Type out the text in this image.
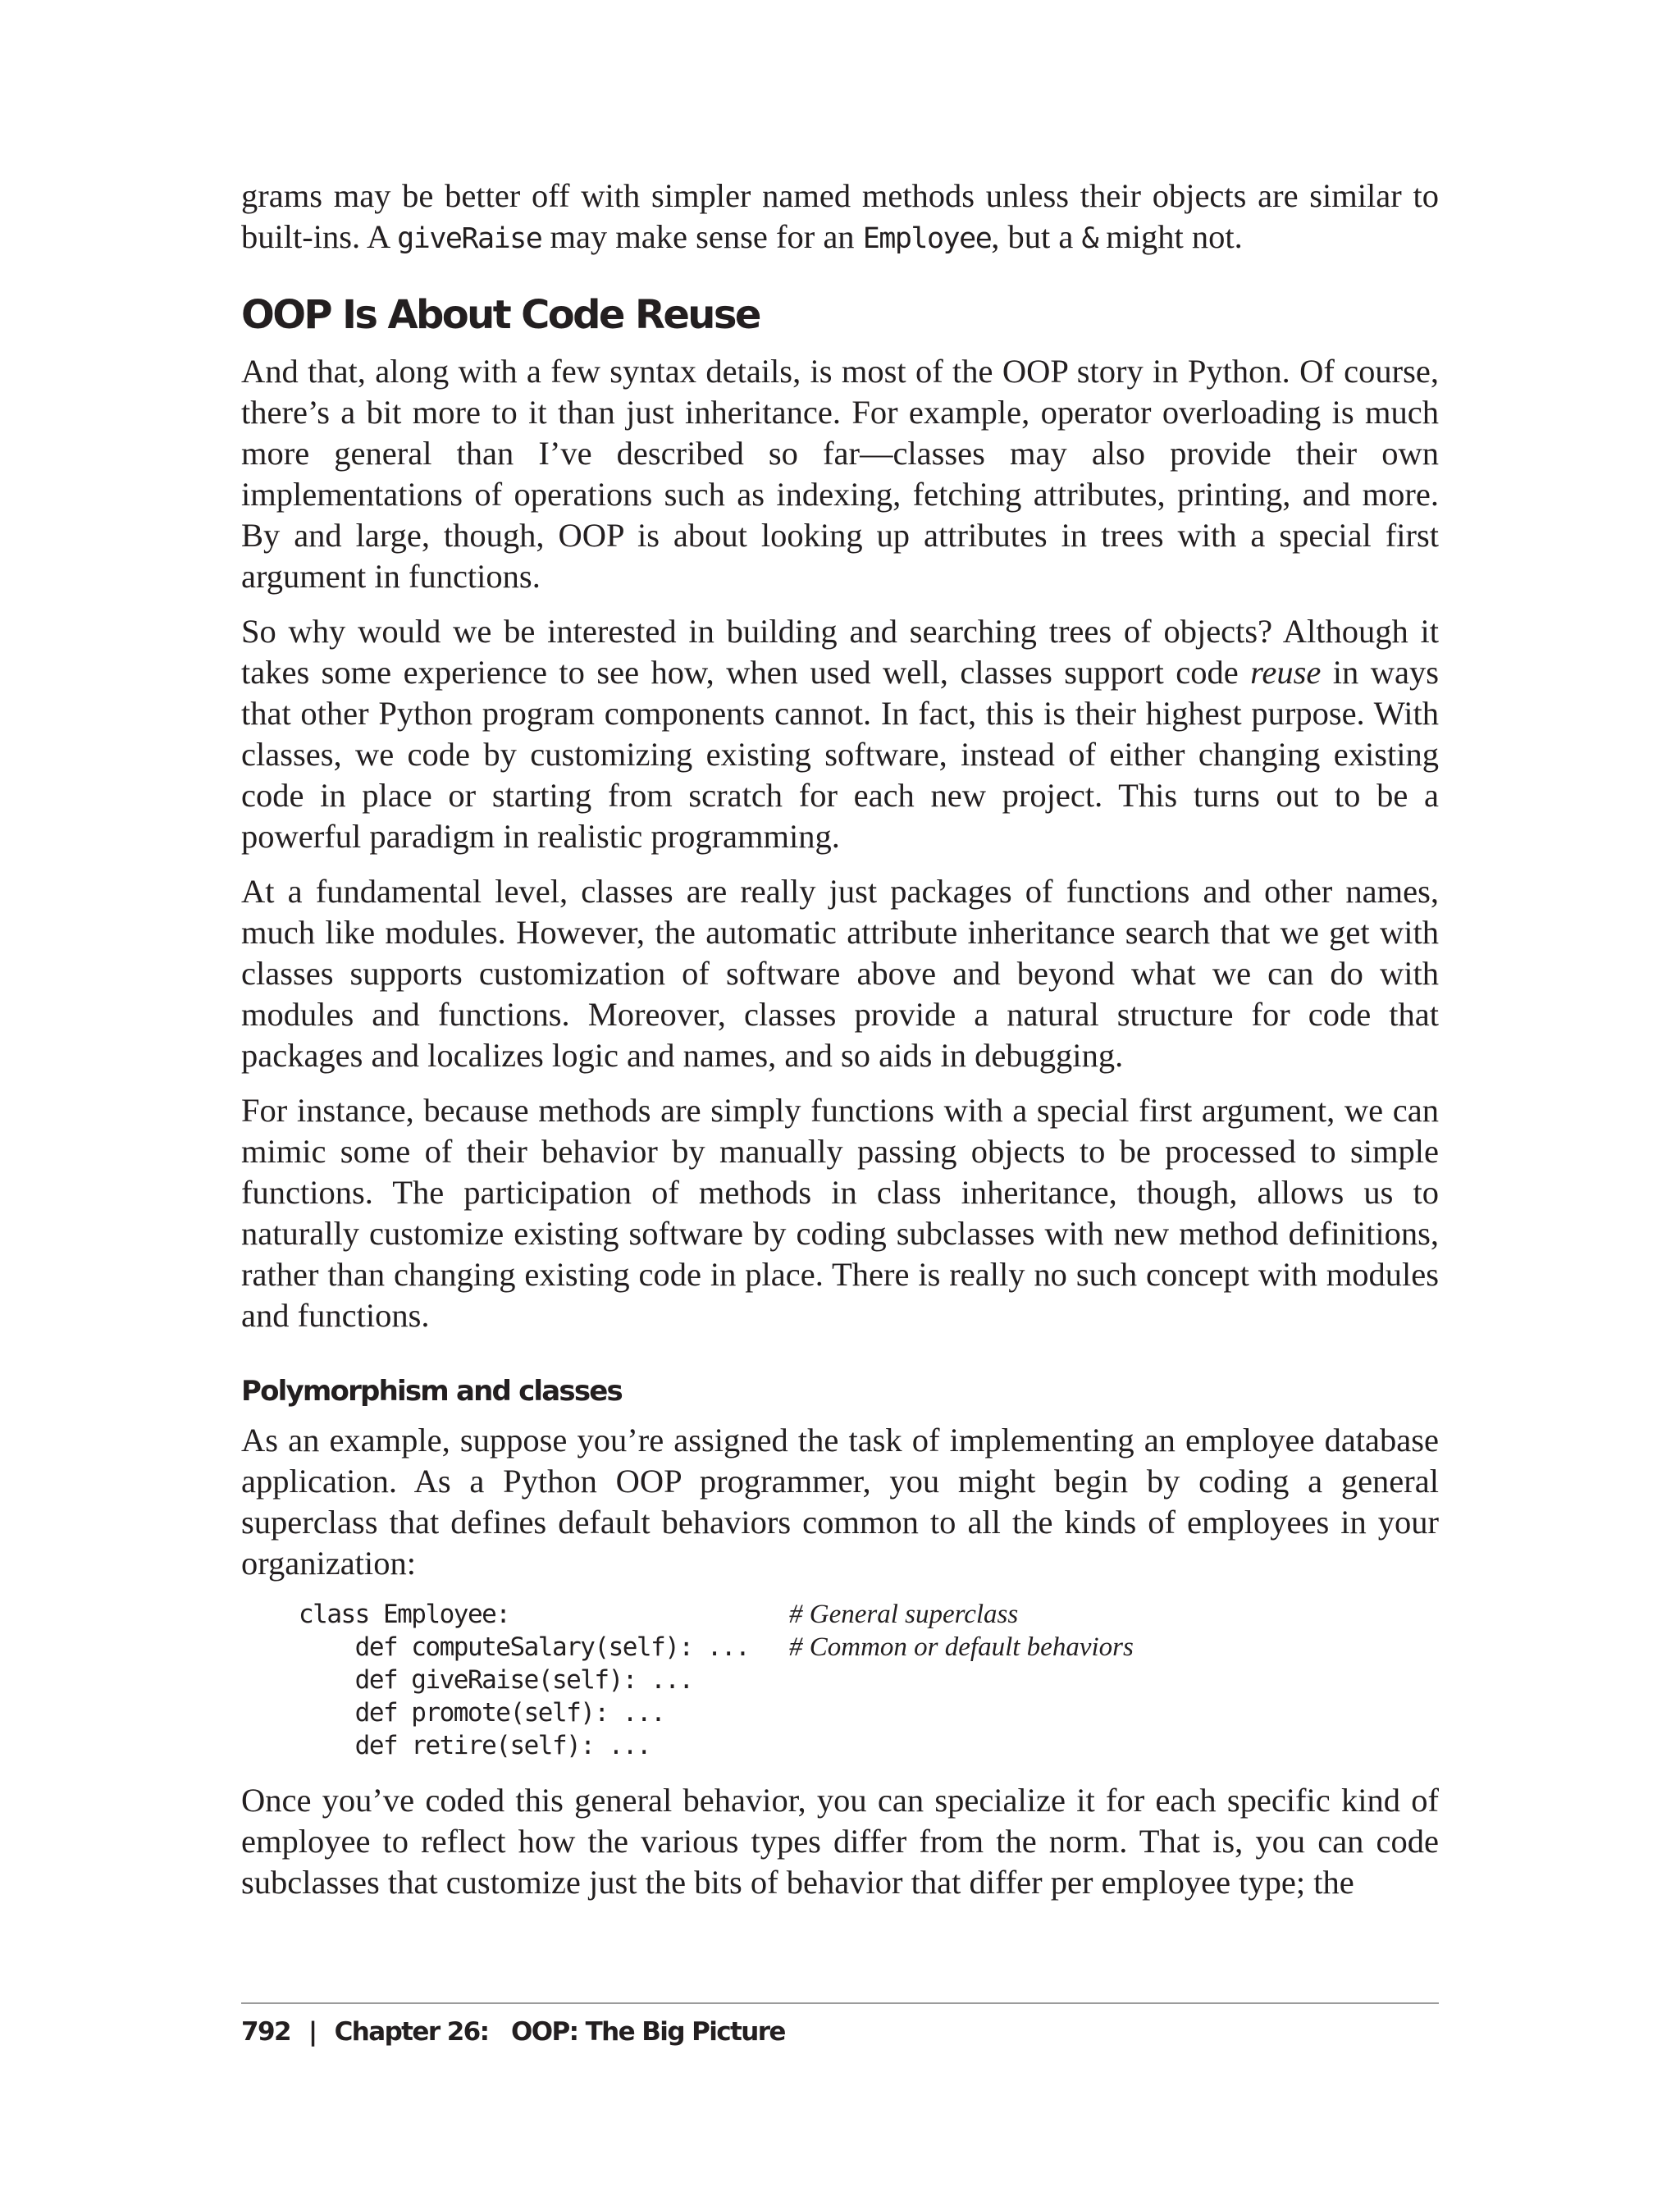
grams may be better off with simpler named methods unless their objects are similar to built-ins. A giveRaise may make sense for an Employee, but a & might not.

OOP Is About Code Reuse

And that, along with a few syntax details, is most of the OOP story in Python. Of course, there’s a bit more to it than just inheritance. For example, operator overloading is much more general than I’ve described so far—classes may also provide their own implementations of operations such as indexing, fetching attributes, printing, and more. By and large, though, OOP is about looking up attributes in trees with a special first argument in functions.

So why would we be interested in building and searching trees of objects? Although it takes some experience to see how, when used well, classes support code reuse in ways that other Python program components cannot. In fact, this is their highest purpose. With classes, we code by customizing existing software, instead of either changing existing code in place or starting from scratch for each new project. This turns out to be a powerful paradigm in realistic programming.

At a fundamental level, classes are really just packages of functions and other names, much like modules. However, the automatic attribute inheritance search that we get with classes supports customization of software above and beyond what we can do with modules and functions. Moreover, classes provide a natural structure for code that packages and localizes logic and names, and so aids in debugging.

For instance, because methods are simply functions with a special first argument, we can mimic some of their behavior by manually passing objects to be processed to simple functions. The participation of methods in class inheritance, though, allows us to naturally customize existing software by coding subclasses with new method definitions, rather than changing existing code in place. There is really no such concept with modules and functions.

Polymorphism and classes

As an example, suppose you’re assigned the task of implementing an employee database application. As a Python OOP programmer, you might begin by coding a general superclass that defines default behaviors common to all the kinds of employees in your organization:

class Employee:	# General superclass
def computeSalary(self): ... # Common or default behaviors
def giveRaise(self): ...
def promote(self): ...
def retire(self): ...

Once you’ve coded this general behavior, you can specialize it for each specific kind of employee to reflect how the various types differ from the norm. That is, you can code subclasses that customize just the bits of behavior that differ per employee type; the

792 | Chapter 26:   OOP: The Big Picture
